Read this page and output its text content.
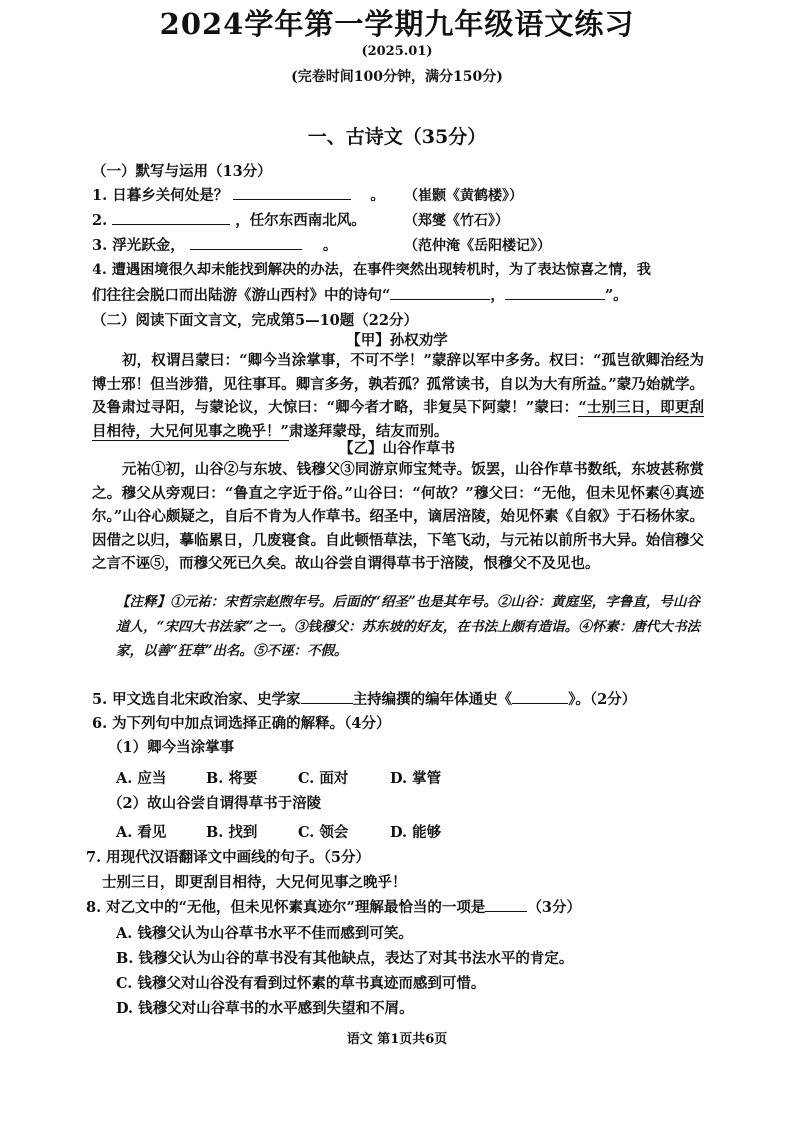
2024学年第一学期九年级语文练习
(2025.01)
(完卷时间100分钟，满分150分)
一、古诗文（35分）
（一）默写与运用（13分）
1. 日暮乡关何处是？	。 （崔颢《黄鹤楼》）
2.	，任尔东西南北风。	（郑燮《竹石》）
3. 浮光跃金，	。	（范仲淹《岳阳楼记》）
4. 遭遇困境很久却未能找到解决的办法，在事件突然出现转机时，为了表达惊喜之情，我
们往往会脱口而出陆游《游山西村》中的诗句“	，	”。
（二）阅读下面文言文，完成第5—10题（22分）
【甲】孙权劝学
初，权谓吕蒙曰：“卿今当涂掌事，不可不学！”蒙辞以军中多务。权曰：“孤岂欲卿治经为博士邪！但当涉猎，见往事耳。卿言多务，孰若孤？孤常读书，自以为大有所益。”蒙乃始就学。及鲁肃过寻阳，与蒙论议，大惊曰：“卿今者才略，非复吴下阿蒙！”蒙曰：“士别三日，即更刮目相待，大兄何见事之晚乎！”肃遂拜蒙母，结友而别。
【乙】山谷作草书
元祐①初，山谷②与东坡、钱穆父③同游京师宝梵寺。饭罢，山谷作草书数纸，东坡甚称赏之。穆父从旁观曰：“鲁直之字近于俗。”山谷曰：“何故？”穆父曰：“无他，但未见怀素④真迹尔。”山谷心颇疑之，自后不肯为人作草书。绍圣中，谪居涪陵，始见怀素《自叙》于石杨休家。因借之以归，摹临累日，几废寝食。自此顿悟草法，下笔飞动，与元祐以前所书大异。始信穆父之言不诬⑤，而穆父死已久矣。故山谷尝自谓得草书于涪陵，恨穆父不及见也。
【注释】①元祐：宋哲宗赵煦年号。后面的“绍圣”也是其年号。②山谷：黄庭坚，字鲁直，号山谷道人，“宋四大书法家”之一。③钱穆父：苏东坡的好友，在书法上颇有造诣。④怀素：唐代大书法家，以善“狂草”出名。⑤不诬：不假。
5. 甲文选自北宋政治家、史学家	主持编撰的编年体通史《	》。（2分）
6. 为下列句中加点词选择正确的解释。（4分）
（1）卿今当涂掌事
A. 应当	B. 将要	C. 面对	D. 掌管
（2）故山谷尝自谓得草书于涪陵
A. 看见	B. 找到	C. 领会	D. 能够
7. 用现代汉语翻译文中画线的句子。（5分）
士别三日，即更刮目相待，大兄何见事之晚乎！
8. 对乙文中的“无他，但未见怀素真迹尔”理解最恰当的一项是	（3分）
A. 钱穆父认为山谷草书水平不佳而感到可笑。
B. 钱穆父认为山谷的草书没有其他缺点，表达了对其书法水平的肯定。
C. 钱穆父对山谷没有看到过怀素的草书真迹而感到可惜。
D. 钱穆父对山谷草书的水平感到失望和不屑。
语文 第1页共6页
